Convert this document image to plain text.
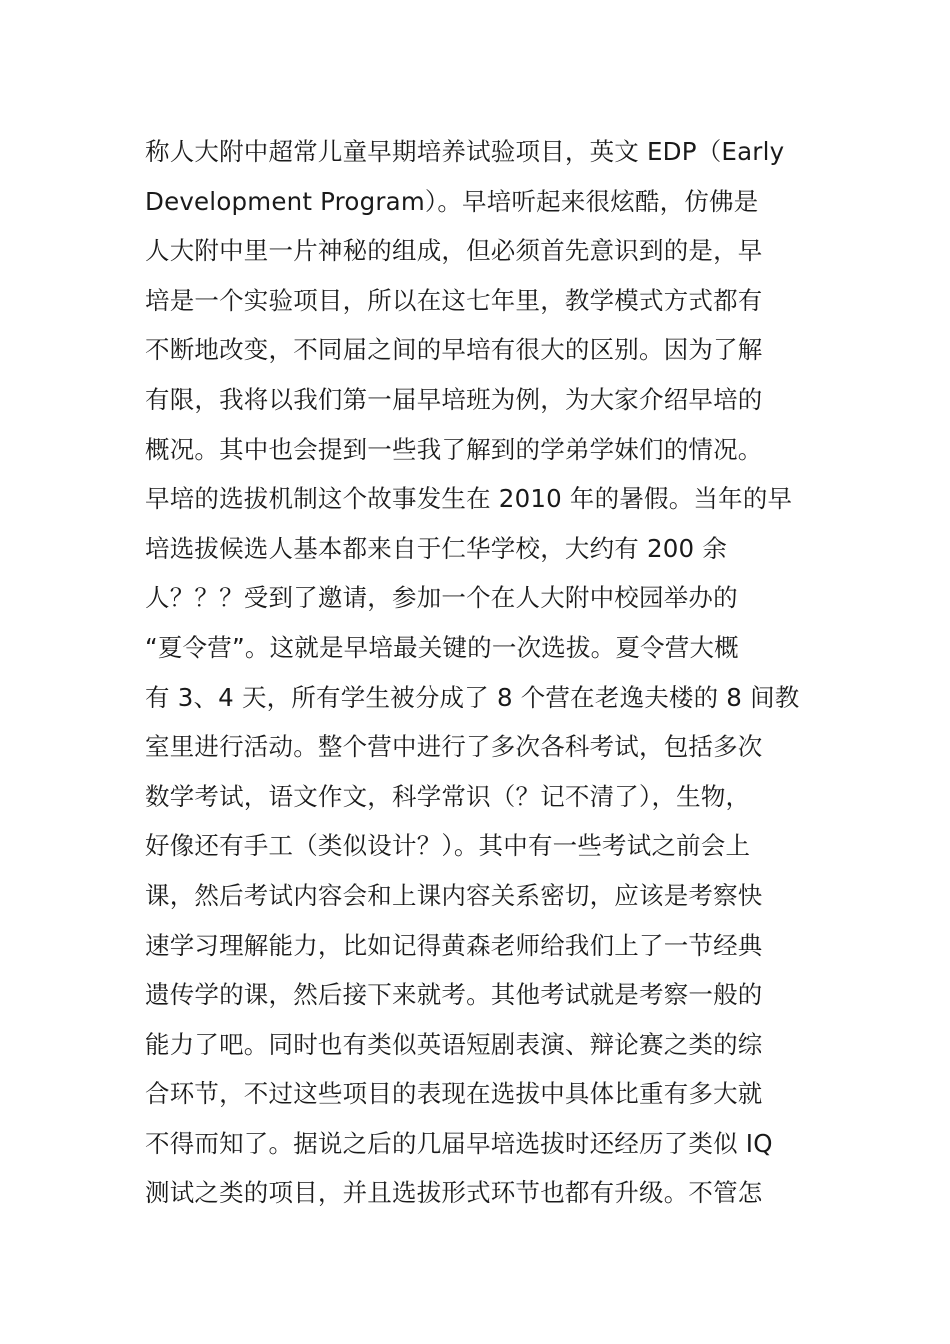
称人大附中超常儿童早期培养试验项目，英文 EDP（Early
Development Program）。早培听起来很炫酷，仿佛是
人大附中里一片神秘的组成，但必须首先意识到的是，早
培是一个实验项目，所以在这七年里，教学模式方式都有
不断地改变，不同届之间的早培有很大的区别。因为了解
有限，我将以我们第一届早培班为例，为大家介绍早培的
概况。其中也会提到一些我了解到的学弟学妹们的情况。
早培的选拔机制这个故事发生在 2010 年的暑假。当年的早
培选拔候选人基本都来自于仁华学校，大约有 200 余
人？？？受到了邀请，参加一个在人大附中校园举办的
“夏令营”。这就是早培最关键的一次选拔。夏令营大概
有 3、4 天，所有学生被分成了 8 个营在老逸夫楼的 8 间教
室里进行活动。整个营中进行了多次各科考试，包括多次
数学考试，语文作文，科学常识（？记不清了），生物，
好像还有手工（类似设计？）。其中有一些考试之前会上
课，然后考试内容会和上课内容关系密切，应该是考察快
速学习理解能力，比如记得黄森老师给我们上了一节经典
遗传学的课，然后接下来就考。其他考试就是考察一般的
能力了吧。同时也有类似英语短剧表演、辩论赛之类的综
合环节，不过这些项目的表现在选拔中具体比重有多大就
不得而知了。据说之后的几届早培选拔时还经历了类似 IQ
测试之类的项目，并且选拔形式环节也都有升级。不管怎
